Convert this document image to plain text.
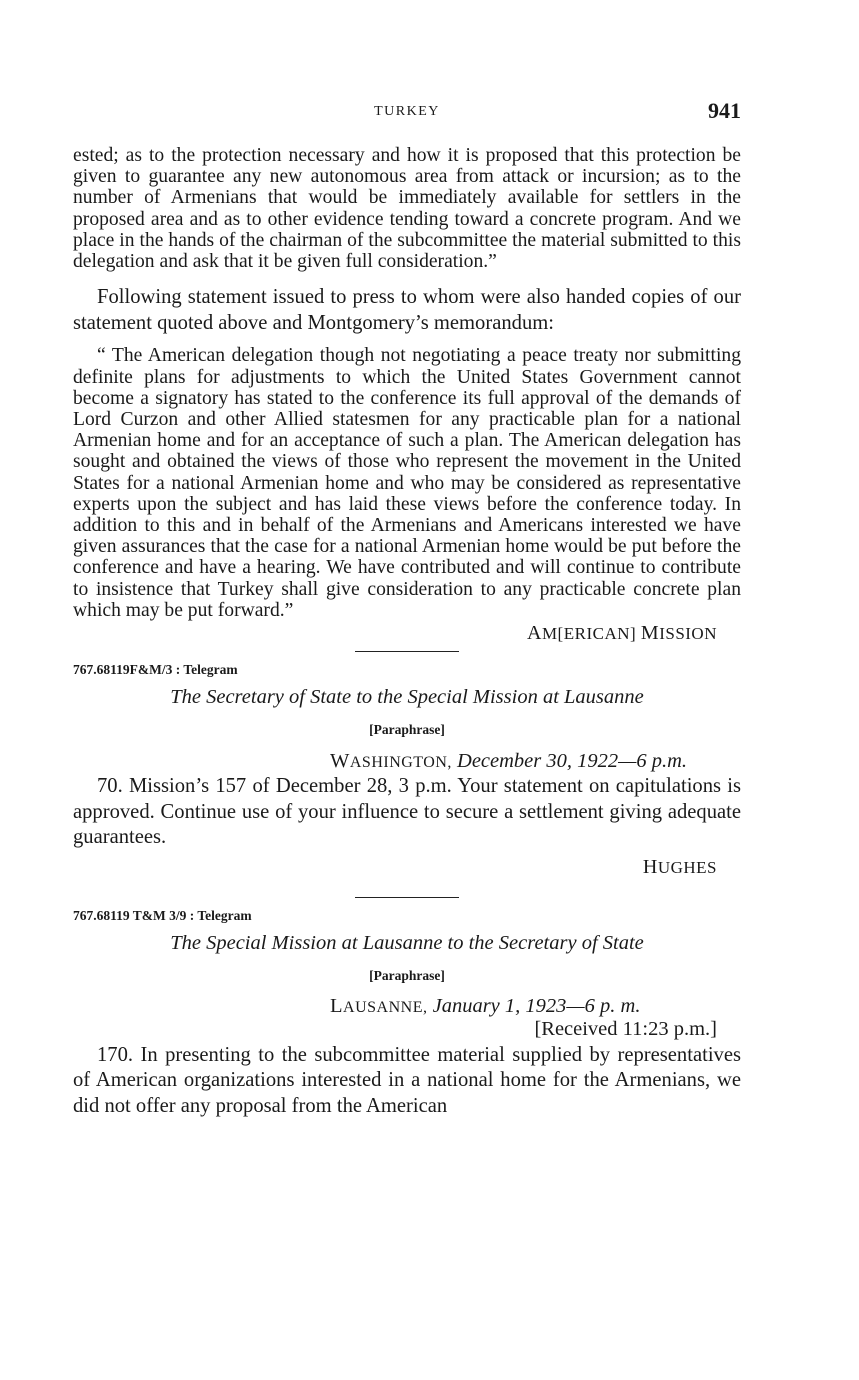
TURKEY	941

ested; as to the protection necessary and how it is proposed that this protection be given to guarantee any new autonomous area from attack or incursion; as to the number of Armenians that would be immediately available for settlers in the proposed area and as to other evidence tending toward a concrete program. And we place in the hands of the chairman of the subcommittee the material submitted to this delegation and ask that it be given full consideration.”

Following statement issued to press to whom were also handed copies of our statement quoted above and Montgomery’s memorandum:

“ The American delegation though not negotiating a peace treaty nor submitting definite plans for adjustments to which the United States Government cannot become a signatory has stated to the conference its full approval of the demands of Lord Curzon and other Allied statesmen for any practicable plan for a national Armenian home and for an acceptance of such a plan. The American delegation has sought and obtained the views of those who represent the movement in the United States for a national Armenian home and who may be considered as representative experts upon the subject and has laid these views before the conference today. In addition to this and in behalf of the Armenians and Americans interested we have given assurances that the case for a national Armenian home would be put before the conference and have a hearing. We have contributed and will continue to contribute to insistence that Turkey shall give consideration to any practicable concrete plan which may be put forward.”

AM[ERICAN] MISSION

767.68119F&M/3 : Telegram

The Secretary of State to the Special Mission at Lausanne

[Paraphrase]

WASHINGTON, December 30, 1922—6 p.m.

70. Mission’s 157 of December 28, 3 p.m. Your statement on capitulations is approved. Continue use of your influence to secure a settlement giving adequate guarantees.

HUGHES

767.68119 T&M 3/9 : Telegram

The Special Mission at Lausanne to the Secretary of State

[Paraphrase]

LAUSANNE, January 1, 1923—6 p. m.

[Received 11:23 p.m.]

170. In presenting to the subcommittee material supplied by representatives of American organizations interested in a national home for the Armenians, we did not offer any proposal from the American
